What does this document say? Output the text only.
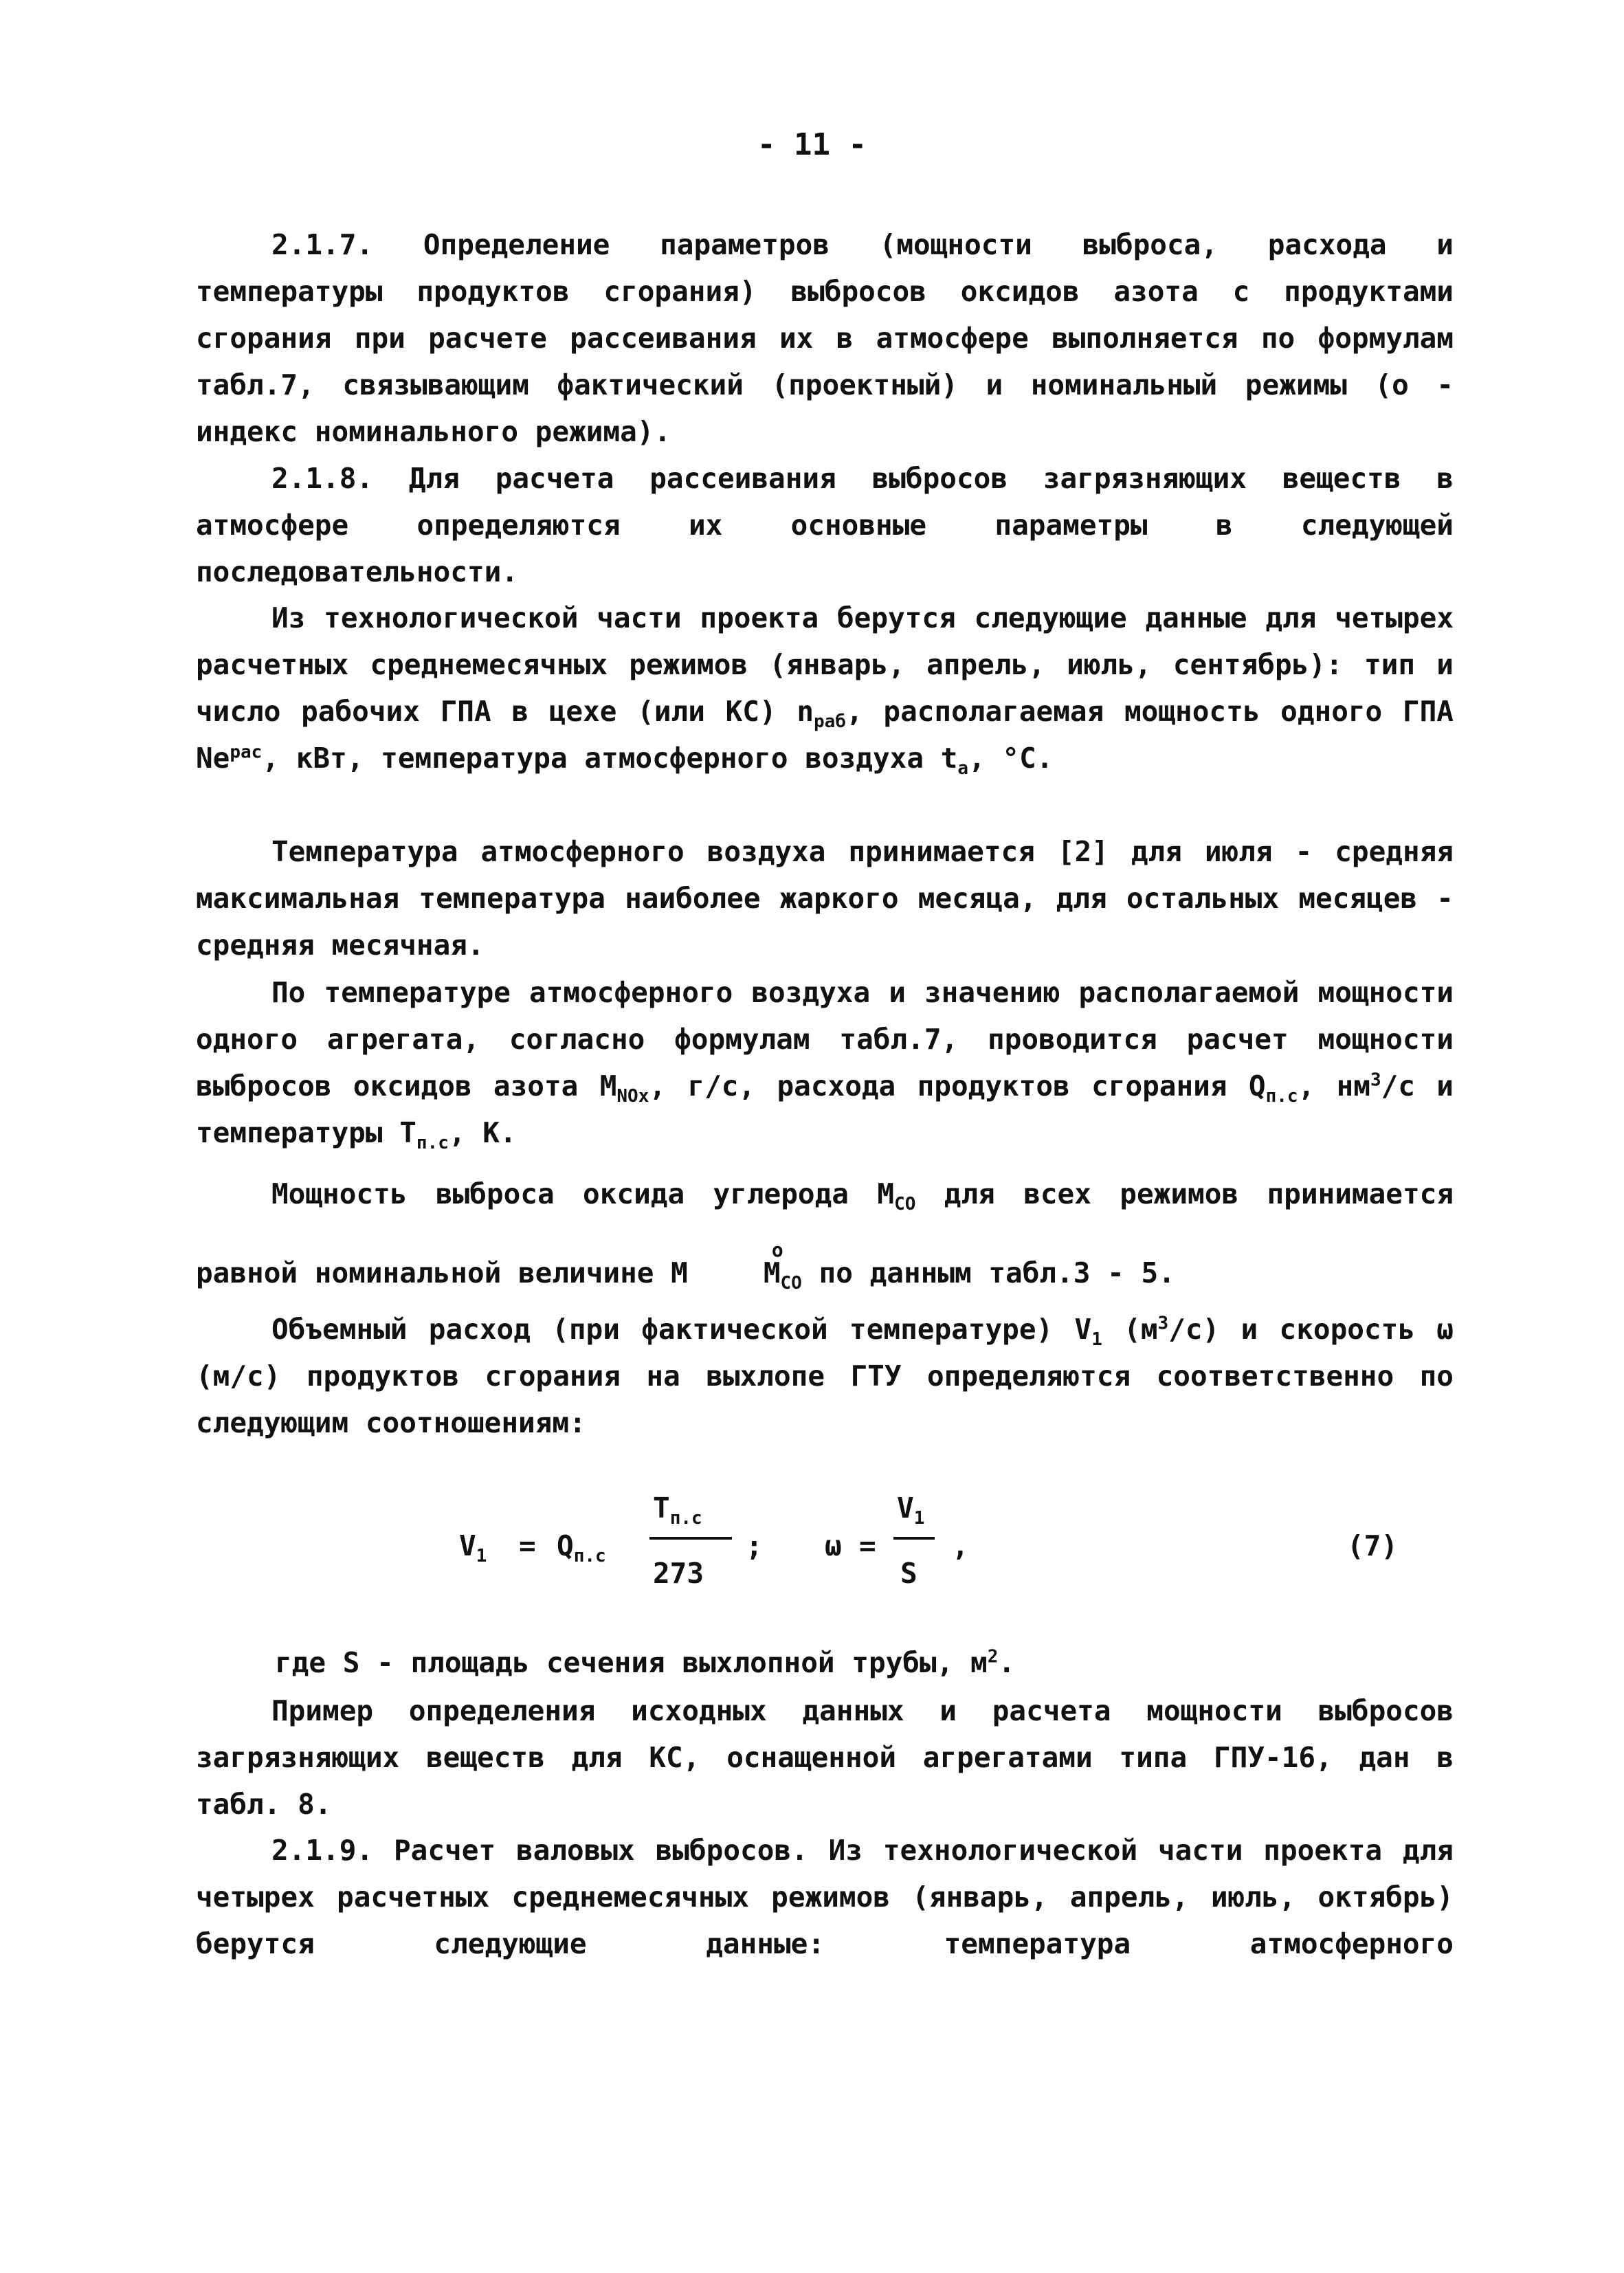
- 11 -

2.1.7. Определение параметров (мощности выброса, расхода и температуры продуктов сгорания) выбросов оксидов азота с продуктами сгорания при расчете рассеивания их в атмосфере выполняется по формулам табл.7, связывающим фактический (проектный) и номинальный режимы (о - индекс номинального режима).

2.1.8. Для расчета рассеивания выбросов загрязняющих веществ в атмосфере определяются их основные параметры в следующей последовательности.

Из технологической части проекта берутся следующие данные для четырех расчетных среднемесячных режимов (январь, апрель, июль, сентябрь): тип и число рабочих ГПА в цехе (или КС) $n_{раб}$, располагаемая мощность одного ГПА $Ne^{рас}$, кВт, температура атмосферного воздуха $t_a$, °С.

Температура атмосферного воздуха принимается [2] для июля - средняя максимальная температура наиболее жаркого месяца, для остальных месяцев - средняя месячная.

По температуре атмосферного воздуха и значению располагаемой мощности одного агрегата, согласно формулам табл.7, проводится расчет мощности выбросов оксидов азота $M_{NOx}$, г/с, расхода продуктов сгорания $Q_{п.с}$, $нм^3/с$ и температуры $T_{п.с}$, К.

Мощность выброса оксида углерода $M_{CO}$ для всех режимов принимается равной номинальной величине M
o
$M_{CO}$ по данным табл.3 - 5.

Объемный расход (при фактической температуре) $V_1$ $(м^3/с)$ и скорость ω (м/с) продуктов сгорания на выхлопе ГТУ определяются соответственно по следующим соотношениям:

$V_1 = Q_{п.с}$
$T_{п.с}$
273
; ω =
$V_1$
S
,	(7)

где S - площадь сечения выхлопной трубы, $м^2$.

Пример определения исходных данных и расчета мощности выбросов загрязняющих веществ для КС, оснащенной агрегатами типа ГПУ-16, дан в табл. 8.

2.1.9. Расчет валовых выбросов. Из технологической части проекта для четырех расчетных среднемесячных режимов (январь, апрель, июль, октябрь) берутся следующие данные: температура атмосферного
